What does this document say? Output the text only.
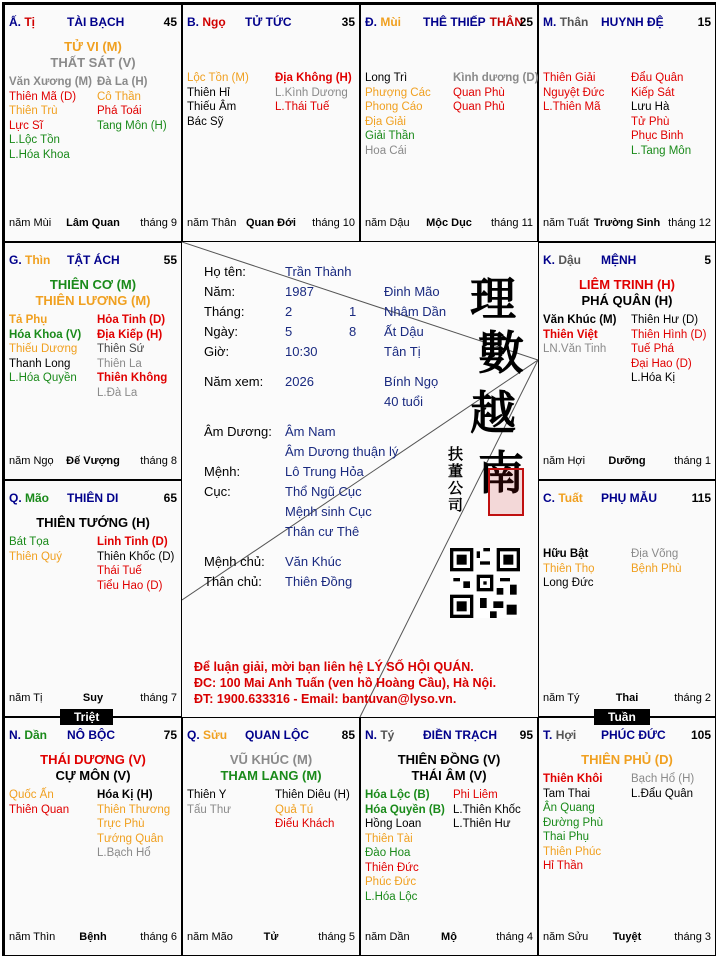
Ấ. Tị	TÀI BẠCH	45
TỬ VI (M)
THẤT SÁT (V)
Văn Xương (M)
Thiên Mã (D)
Thiên Trù
Lực Sĩ
L.Lộc Tồn
L.Hóa Khoa
Đà La (H)
Cô Thần
Phá Toái
Tang Môn (H)
năm Mùi	Lâm Quan	tháng 9
B. Ngọ TỬ TỨC	35
Lộc Tồn (M)
Thiên Hỉ
Thiếu Âm
Bác Sỹ
Địa Không (H)
L.Kình Dương
L.Thái Tuế
năm Thân Quan Đới	tháng 10
Đ. Mùi THÊ THIẾP THÂN
25
Long Trì
Phượng Các
Phong Cáo
Địa Giải
Giải Thần
Hoa Cái
Kình dương (D)
Quan Phù
Quan Phủ
năm Dậu	Mộc Dục	tháng 11
M. Thân HUYNH ĐỆ	15
Thiên Giải
Nguyệt Đức
L.Thiên Mã
Đẩu Quân
Kiếp Sát
Lưu Hà
Tử Phù
Phục Binh
L.Tang Môn
năm Tuất Trường Sinh tháng 12
G. Thìn TẬT ÁCH	55
THIÊN CƠ (M)
THIÊN LƯƠNG (M)
Tả Phụ
Hóa Khoa (V)
Thiếu Dương
Thanh Long
L.Hóa Quyền
Hỏa Tinh (D)
Địa Kiếp (H)
Thiên Sứ
Thiên La
Thiên Không
L.Đà La
năm Ngọ	Đế Vượng	tháng 8
K. Dậu MỆNH	5
LIÊM TRINH (H)
PHÁ QUÂN (H)
Văn Khúc (M)
Thiên Việt
LN.Văn Tinh
Thiên Hư (D)
Thiên Hình (D)
Tuế Phá
Đại Hao (D)
L.Hóa Kị
năm Hợi	Dưỡng	tháng 1
Q. Mão THIÊN DI	65
THIÊN TƯỚNG (H)
Bát Tọa
Thiên Quý
Linh Tinh (D)
Thiên Khốc (D)
Thái Tuế
Tiểu Hao (D)
năm Tị	Suy	tháng 7
C. Tuất PHỤ MẪU	115
Hữu Bật
Thiên Thọ
Long Đức
Địa Võng
Bệnh Phù
năm Tý	Thai	tháng 2
N. Dần NÔ BỘC	75
THÁI DƯƠNG (V)
CỰ MÔN (V)
Quốc Ấn
Thiên Quan
Hóa Kị (H)
Thiên Thương
Trực Phù
Tướng Quân
L.Bạch Hổ
năm Thìn	Bệnh	tháng 6
Q. Sửu QUAN LỘC	85
VŨ KHÚC (M)
THAM LANG (M)
Thiên Y
Tấu Thư
Thiên Diêu (H)
Quả Tú
Điếu Khách
năm Mão	Tử	tháng 5
N. Tý ĐIỀN TRẠCH	95
THIÊN ĐỒNG (V)
THÁI ÂM (V)
Hóa Lộc (B)
Hóa Quyền (B)
Hồng Loan
Thiên Tài
Đào Hoa
Thiên Đức
Phúc Đức
L.Hóa Lộc
Phi Liêm
L.Thiên Khốc
L.Thiên Hư
năm Dần	Mộ	tháng 4
T. Hợi PHÚC ĐỨC	105
THIÊN PHỦ (D)
Thiên Khôi
Tam Thai
Ân Quang
Đường Phù
Thai Phụ
Thiên Phúc
Hỉ Thần
Bạch Hổ (H)
L.Đẩu Quân
năm Sửu	Tuyệt	tháng 3
Họ tên:	Trần Thành
Năm:	1987	Đinh Mão
Tháng:	2	1 Nhâm Dần
Ngày:	5	8 Ất Dậu
Giờ:	10:30	Tân Tị
Năm xem: 2026	Bính Ngọ
40 tuổi
Âm Dương: Âm Nam
Âm Dương thuận lý
Mệnh:	Lô Trung Hỏa
Cục:	Thổ Ngũ Cục
Mệnh sinh Cục
Thân cư Thê
Mệnh chủ: Văn Khúc
Thân chủ: Thiên Đồng
理
數
越
南
扶
董
公
司
Để luận giải, mời bạn liên hệ LÝ SỐ HỘI QUÁN.
ĐC: 100 Mai Anh Tuấn (ven hồ Hoàng Cầu), Hà Nội.
ĐT: 1900.633316 - Email: bantuvan@lyso.vn.
Triệt	Tuần
